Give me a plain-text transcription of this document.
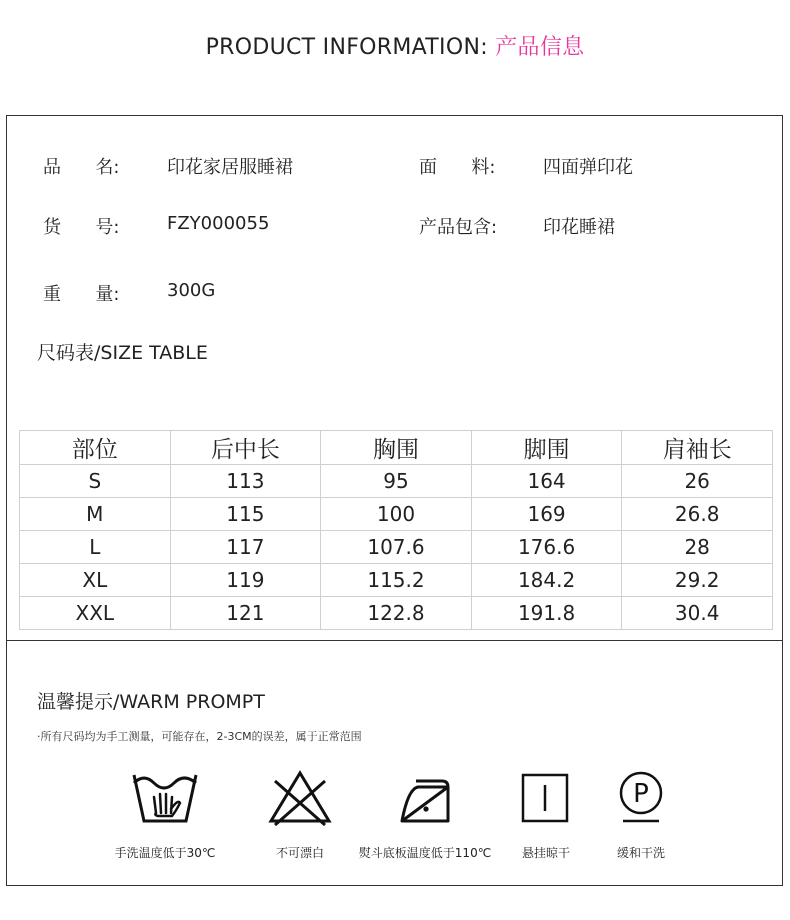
PRODUCT INFORMATION: 产品信息
品      名:	印花家居服睡裙	面      料:	四面弹印花
货      号:	FZY000055	产品包含:	印花睡裙
重      量:	300G
尺码表/SIZE TABLE
部位	后中长	胸围	脚围	肩袖长
S	113	95	164	26
M	115	100	169	26.8
L	117	107.6	176.6	28
XL	119	115.2	184.2	29.2
XXL	121	122.8	191.8	30.4
温馨提示/WARM PROMPT
·所有尺码均为手工测量，可能存在，2-3CM的误差，属于正常范围
手洗温度低于30℃	不可漂白	熨斗底板温度低于110℃	悬挂晾干
P
缓和干洗
